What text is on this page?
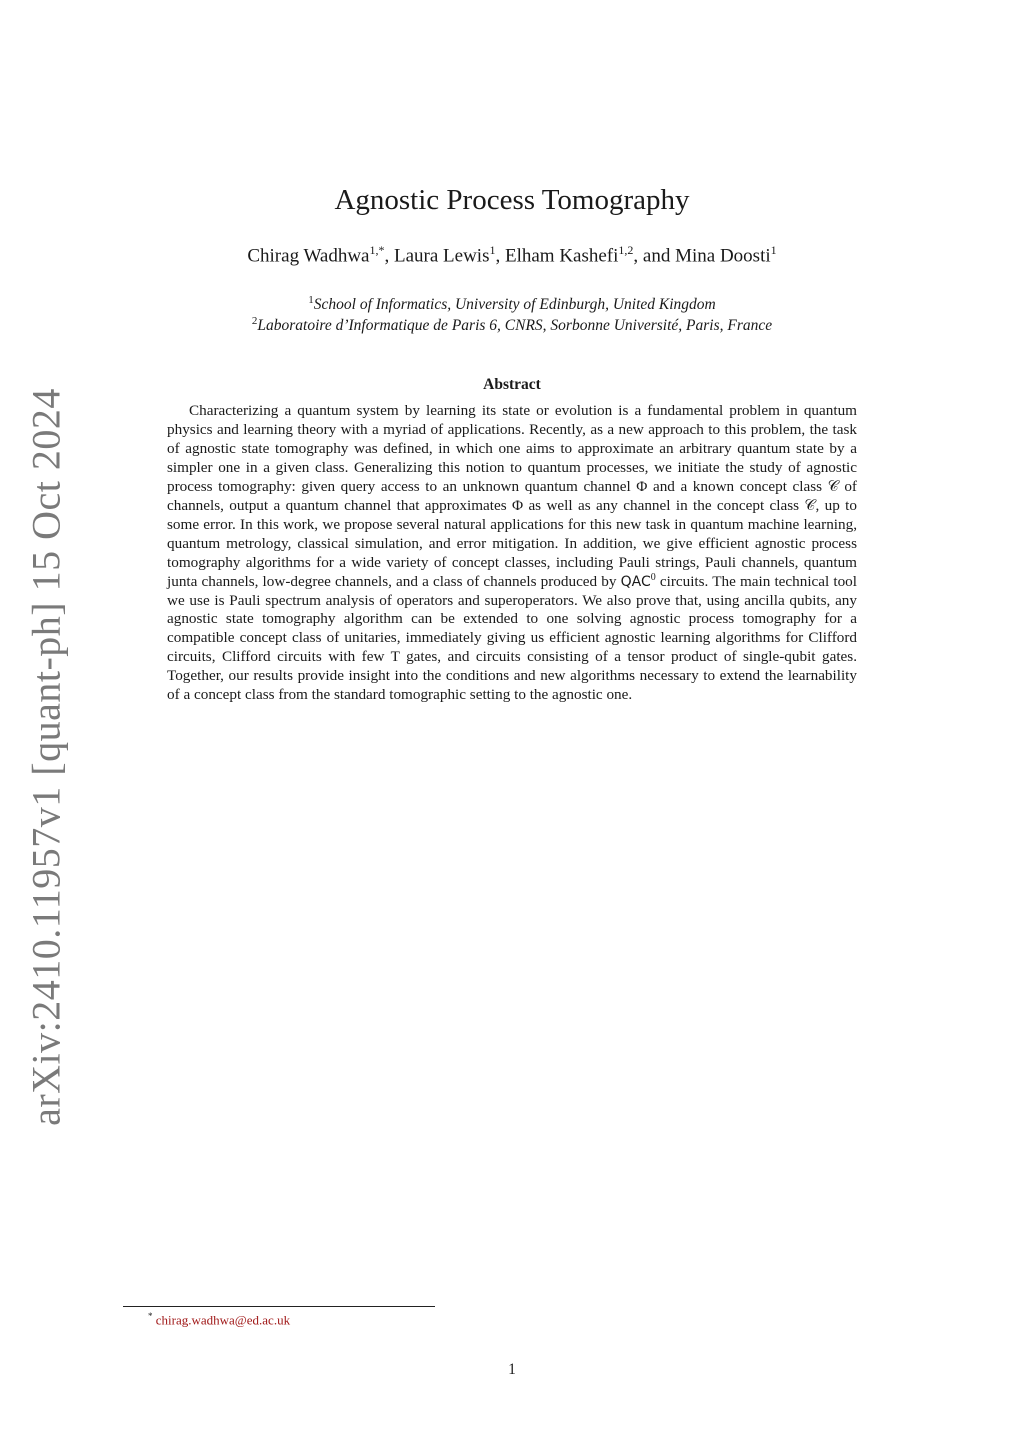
arXiv:2410.11957v1 [quant-ph] 15 Oct 2024
Agnostic Process Tomography
Chirag Wadhwa$^{1,*}$, Laura Lewis$^1$, Elham Kashefi$^{1,2}$, and Mina Doosti$^1$
$^1$School of Informatics, University of Edinburgh, United Kingdom
$^2$Laboratoire d’Informatique de Paris 6, CNRS, Sorbonne Université, Paris, France
Abstract

Characterizing a quantum system by learning its state or evolution is a fundamental problem in quantum physics and learning theory with a myriad of applications. Recently, as a new approach to this problem, the task of agnostic state tomography was defined, in which one aims to approximate an arbitrary quantum state by a simpler one in a given class. Generalizing this notion to quantum processes, we initiate the study of agnostic process tomography: given query access to an unknown quantum channel Φ and a known concept class 𝒞 of channels, output a quantum channel that approximates Φ as well as any channel in the concept class 𝒞, up to some error. In this work, we propose several natural applications for this new task in quantum machine learning, quantum metrology, classical simulation, and error mitigation. In addition, we give efficient agnostic process tomography algorithms for a wide variety of concept classes, including Pauli strings, Pauli channels, quantum junta channels, low-degree channels, and a class of channels produced by QAC$^0$ circuits. The main technical tool we use is Pauli spectrum analysis of operators and superoperators. We also prove that, using ancilla qubits, any agnostic state tomography algorithm can be extended to one solving agnostic process tomography for a compatible concept class of unitaries, immediately giving us efficient agnostic learning algorithms for Clifford circuits, Clifford circuits with few T gates, and circuits consisting of a tensor product of single-qubit gates. Together, our results provide insight into the conditions and new algorithms necessary to extend the learnability of a concept class from the standard tomographic setting to the agnostic one.

* chirag.wadhwa@ed.ac.uk
1
